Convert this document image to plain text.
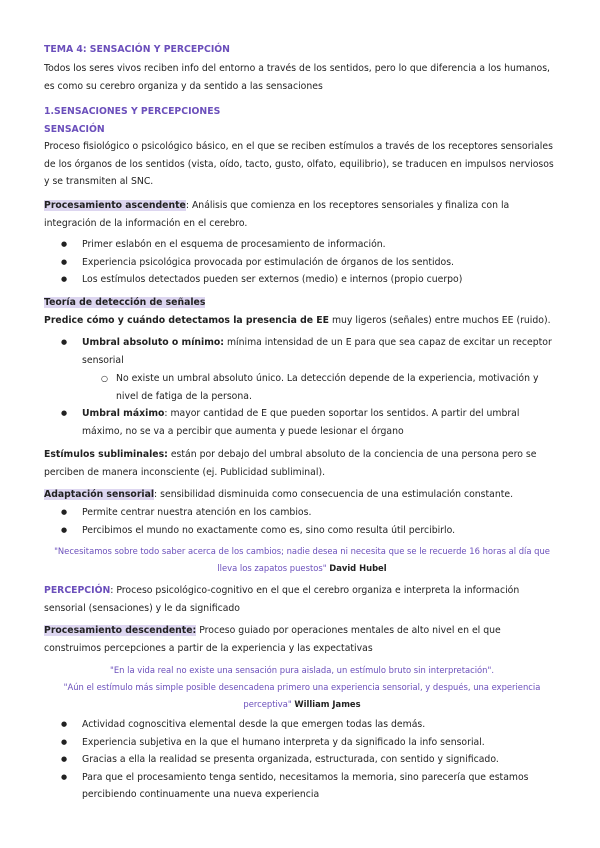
TEMA 4: SENSACIÓN Y PERCEPCIÓN
Todos los seres vivos reciben info del entorno a través de los sentidos, pero lo que diferencia a los humanos, es como su cerebro organiza y da sentido a las sensaciones
1.SENSACIONES Y PERCEPCIONES
SENSACIÓN
Proceso fisiológico o psicológico básico, en el que se reciben estímulos a través de los receptores sensoriales de los órganos de los sentidos (vista, oído, tacto, gusto, olfato, equilibrio), se traducen en impulsos nerviosos y se transmiten al SNC.
Procesamiento ascendente: Análisis que comienza en los receptores sensoriales y finaliza con la integración de la información en el cerebro.
● Primer eslabón en el esquema de procesamiento de información.
● Experiencia psicológica provocada por estimulación de órganos de los sentidos.
● Los estímulos detectados pueden ser externos (medio) e internos (propio cuerpo)
Teoría de detección de señales
Predice cómo y cuándo detectamos la presencia de EE muy ligeros (señales) entre muchos EE (ruido).
● Umbral absoluto o mínimo: mínima intensidad de un E para que sea capaz de excitar un receptor sensorial
○ No existe un umbral absoluto único. La detección depende de la experiencia, motivación y nivel de fatiga de la persona.
● Umbral máximo: mayor cantidad de E que pueden soportar los sentidos. A partir del umbral máximo, no se va a percibir que aumenta y puede lesionar el órgano
Estímulos subliminales: están por debajo del umbral absoluto de la conciencia de una persona pero se perciben de manera inconsciente (ej. Publicidad subliminal).
Adaptación sensorial: sensibilidad disminuida como consecuencia de una estimulación constante.
● Permite centrar nuestra atención en los cambios.
● Percibimos el mundo no exactamente como es, sino como resulta útil percibirlo.
"Necesitamos sobre todo saber acerca de los cambios; nadie desea ni necesita que se le recuerde 16 horas al día que lleva los zapatos puestos" David Hubel
PERCEPCIÓN: Proceso psicológico-cognitivo en el que el cerebro organiza e interpreta la información sensorial (sensaciones) y le da significado
Procesamiento descendente: Proceso guiado por operaciones mentales de alto nivel en el que construimos percepciones a partir de la experiencia y las expectativas
"En la vida real no existe una sensación pura aislada, un estímulo bruto sin interpretación".
"Aún el estímulo más simple posible desencadena primero una experiencia sensorial, y después, una experiencia perceptiva" William James
● Actividad cognoscitiva elemental desde la que emergen todas las demás.
● Experiencia subjetiva en la que el humano interpreta y da significado la info sensorial.
● Gracias a ella la realidad se presenta organizada, estructurada, con sentido y significado.
● Para que el procesamiento tenga sentido, necesitamos la memoria, sino parecería que estamos percibiendo continuamente una nueva experiencia
